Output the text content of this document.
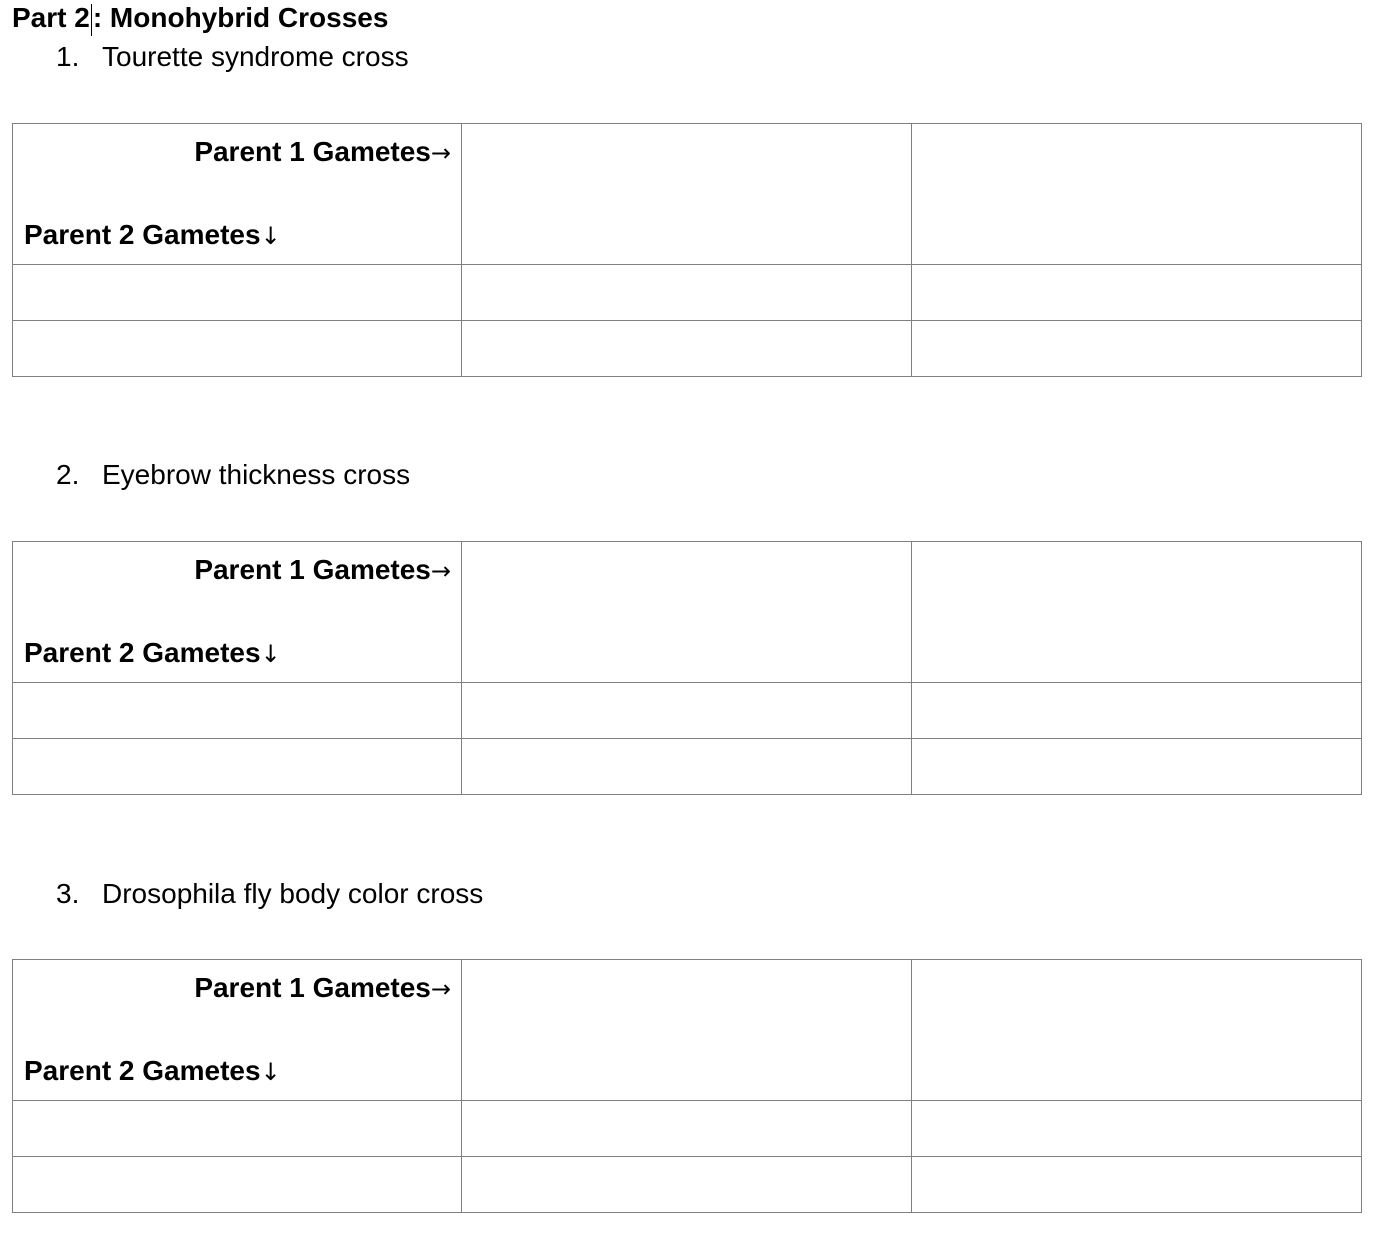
Part 2 : Monohybrid Crosses
1. Tourette syndrome cross
Parent 1 Gametes→
Parent 2 Gametes↓		

2. Eyebrow thickness cross
Parent 1 Gametes→
Parent 2 Gametes↓		

3. Drosophila fly body color cross
Parent 1 Gametes→
Parent 2 Gametes↓		
